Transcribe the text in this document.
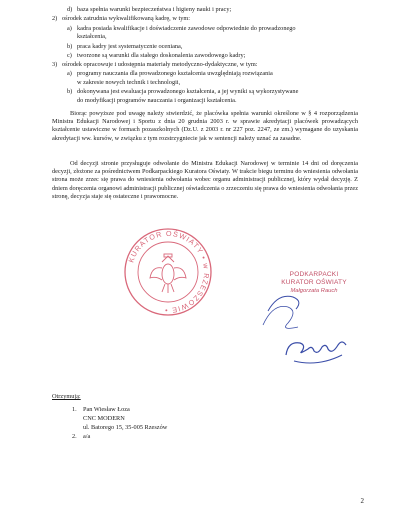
d) baza spełnia warunki bezpieczeństwa i higieny nauki i pracy;
2) ośrodek zatrudnia wykwalifikowaną kadrę, w tym:
a) kadra posiada kwalifikacje i doświadczenie zawodowe odpowiednie do prowadzonego
kształcenia,
b) praca kadry jest systematycznie oceniana,
c) tworzone są warunki dla stałego doskonalenia zawodowego kadry;
3) ośrodek opracowuje i udostępnia materiały metodyczno-dydaktyczne, w tym:
a) programy nauczania dla prowadzonego kształcenia uwzględniają rozwiązania
w zakresie nowych technik i technologii,
b) dokonywana jest ewaluacja prowadzonego kształcenia, a jej wyniki są wykorzystywane
do modyfikacji programów nauczania i organizacji kształcenia.
Biorąc powyższe pod uwagę należy stwierdzić, że placówka spełnia warunki określone w § 4 rozporządzenia Ministra Edukacji Narodowej i Sportu z dnia 20 grudnia 2003 r. w sprawie akredytacji placówek prowadzących kształcenie ustawiczne w formach pozaszkolnych (Dz.U. z 2003 r. nr 227 poz. 2247, ze zm.) wymagane do uzyskania akredytacji ww. kursów, w związku z tym rozstrzygniecie jak w sentencji należy uznać za zasadne.
Od decyzji stronie przysługuje odwołanie do Ministra Edukacji Narodowej w terminie 14 dni od doręczenia decyzji, złożone za pośrednictwem Podkarpackiego Kuratora Oświaty. W trakcie biegu terminu do wniesienia odwołania strona może zrzec się prawa do wniesienia odwołania wobec organu administracji publicznej, który wydał decyzję. Z dniem doręczenia organowi administracji publicznej oświadczenia o zrzeczeniu się prawa do wniesienia odwołania przez stronę, decyzja staje się ostateczne i prawomocne.
KURATOR OŚWIATY • w RZESZOWIE •
PODKARPACKI
KURATOR OŚWIATY
Małgorzata Rauch
Otrzymują:
1. Pan Wiesław Łoza
CNC MODERN
ul. Batorego 15, 35-005 Rzeszów
2. a/a
2
